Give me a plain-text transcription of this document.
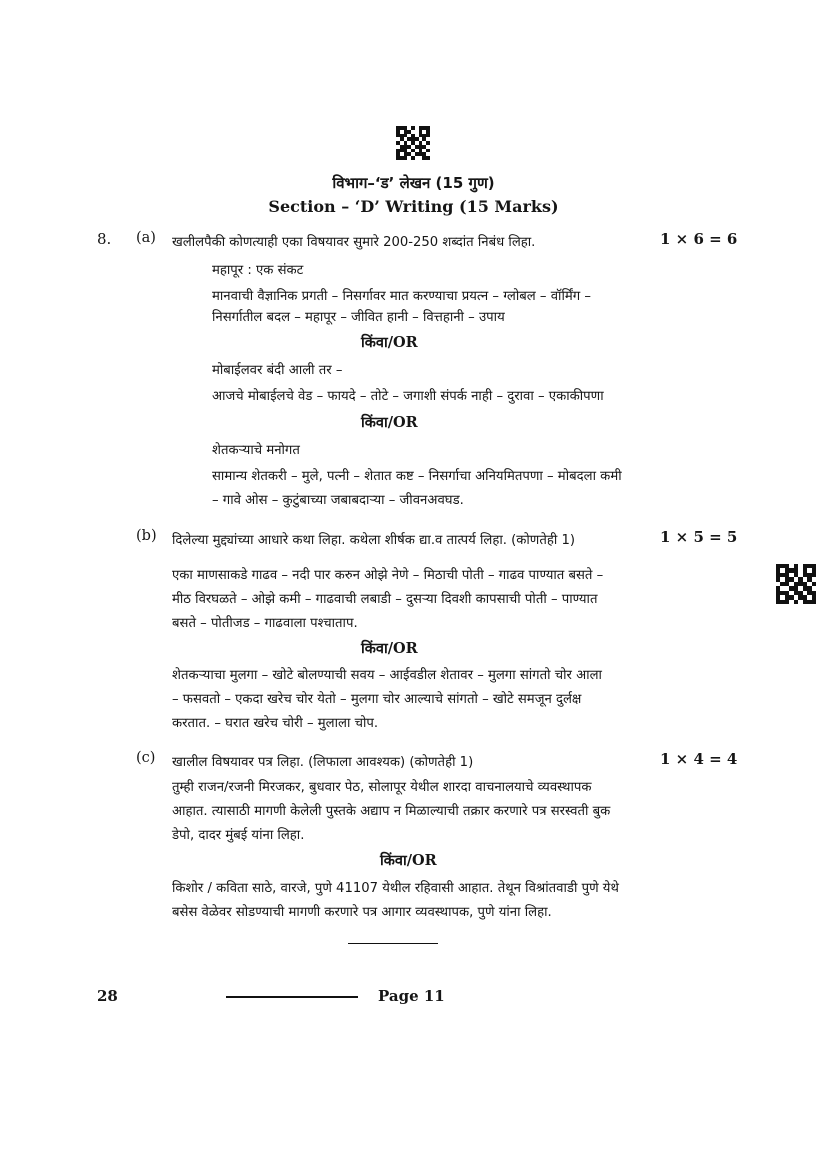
विभाग–‘ड’ लेखन (15 गुण)
Section – ‘D’ Writing (15 Marks)
8. (a) खलीलपैकी कोणत्याही एका विषयावर सुमारे 200-250 शब्दांत निबंध लिहा.	1 × 6 = 6
महापूर : एक संकट
मानवाची वैज्ञानिक प्रगती – निसर्गावर मात करण्याचा प्रयत्न – ग्लोबल – वॉर्मिंग –
निसर्गातील बदल – महापूर – जीवित हानी – वित्तहानी – उपाय
किंवा/OR
मोबाईलवर बंदी आली तर –
आजचे मोबाईलचे वेड – फायदे – तोटे – जगाशी संपर्क नाही – दुरावा – एकाकीपणा
किंवा/OR
शेतकऱ्याचे मनोगत
सामान्य शेतकरी – मुले, पत्नी – शेतात कष्ट – निसर्गाचा अनियमितपणा – मोबदला कमी
– गावे ओस – कुटुंबाच्या जबाबदाऱ्या – जीवनअवघड.
(b) दिलेल्या मुद्द्यांच्या आधारे कथा लिहा. कथेला शीर्षक द्या.व तात्पर्य लिहा. (कोणतेही 1)	1 × 5 = 5
एका माणसाकडे गाढव – नदी पार करुन ओझे नेणे – मिठाची पोती – गाढव पाण्यात बसते –
मीठ विरघळते – ओझे कमी – गाढवाची लबाडी – दुसऱ्या दिवशी कापसाची पोती – पाण्यात
बसते – पोतीजड – गाढवाला पश्चाताप.
किंवा/OR
शेतकऱ्याचा मुलगा – खोटे बोलण्याची सवय – आईवडील शेतावर – मुलगा सांगतो चोर आला
– फसवतो – एकदा खरेच चोर येतो – मुलगा चोर आल्याचे सांगतो – खोटे समजून दुर्लक्ष
करतात. – घरात खरेच चोरी – मुलाला चोप.
(c) खालील विषयावर पत्र लिहा. (लिफाला आवश्यक) (कोणतेही 1)	1 × 4 = 4
तुम्ही राजन/रजनी मिरजकर, बुधवार पेठ, सोलापूर येथील शारदा वाचनालयाचे व्यवस्थापक
आहात. त्यासाठी मागणी केलेली पुस्तके अद्याप न मिळाल्याची तक्रार करणारे पत्र सरस्वती बुक
डेपो, दादर मुंबई यांना लिहा.
किंवा/OR
किशोर / कविता साठे, वारजे, पुणे 41107 येथील रहिवासी आहात. तेथून विश्रांतवाडी पुणे येथे
बसेस वेळेवर सोडण्याची मागणी करणारे पत्र आगार व्यवस्थापक, पुणे यांना लिहा.
28	Page 11
